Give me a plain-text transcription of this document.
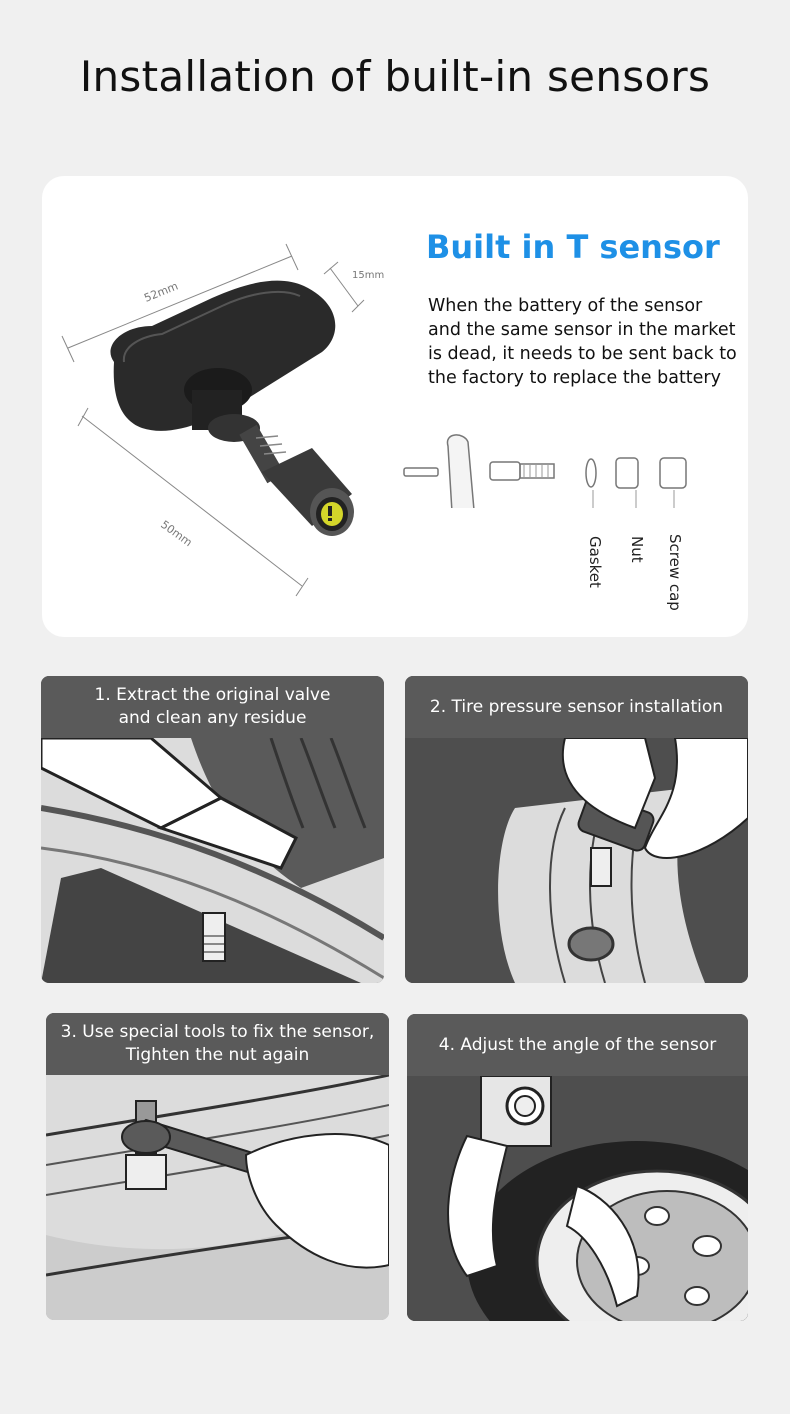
Installation of built-in sensors
52mm
15mm
50mm
Built in T sensor
When the battery of the sensor and the same sensor in the market is dead, it needs to be sent back to the factory to replace the battery
Gasket Nut Screw cap
1. Extract the original valve
and clean any residue
2. Tire pressure sensor installation
3. Use special tools to fix the sensor,
Tighten the nut again
4. Adjust the angle of the sensor
